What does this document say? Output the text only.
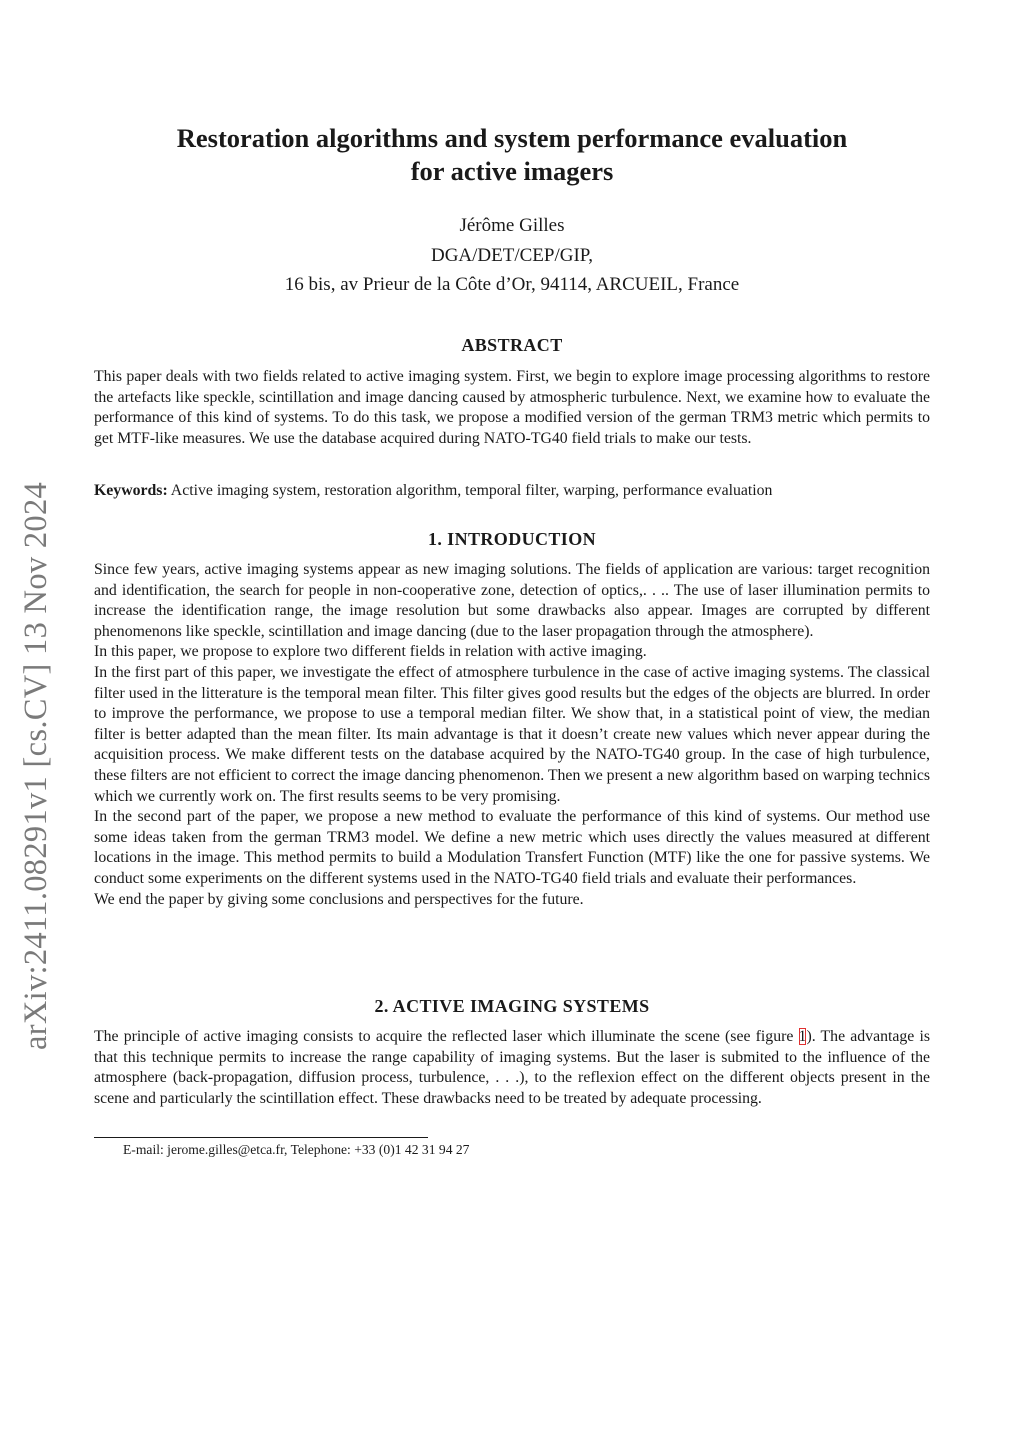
arXiv:2411.08291v1 [cs.CV] 13 Nov 2024
Restoration algorithms and system performance evaluation
for active imagers
Jérôme Gilles
DGA/DET/CEP/GIP,
16 bis, av Prieur de la Côte d’Or, 94114, ARCUEIL, France
ABSTRACT

This paper deals with two fields related to active imaging system. First, we begin to explore image processing algorithms to restore the artefacts like speckle, scintillation and image dancing caused by atmospheric turbulence. Next, we examine how to evaluate the performance of this kind of systems. To do this task, we propose a modified version of the german TRM3 metric which permits to get MTF-like measures. We use the database acquired during NATO-TG40 field trials to make our tests.

Keywords: Active imaging system, restoration algorithm, temporal filter, warping, performance evaluation

1. INTRODUCTION

Since few years, active imaging systems appear as new imaging solutions. The fields of application are various: target recognition and identification, the search for people in non-cooperative zone, detection of optics,. . .. The use of laser illumination permits to increase the identification range, the image resolution but some drawbacks also appear. Images are corrupted by different phenomenons like speckle, scintillation and image dancing (due to the laser propagation through the atmosphere).

In this paper, we propose to explore two different fields in relation with active imaging.

In the first part of this paper, we investigate the effect of atmosphere turbulence in the case of active imaging systems. The classical filter used in the litterature is the temporal mean filter. This filter gives good results but the edges of the objects are blurred. In order to improve the performance, we propose to use a temporal median filter. We show that, in a statistical point of view, the median filter is better adapted than the mean filter. Its main advantage is that it doesn’t create new values which never appear during the acquisition process. We make different tests on the database acquired by the NATO-TG40 group. In the case of high turbulence, these filters are not efficient to correct the image dancing phenomenon. Then we present a new algorithm based on warping technics which we currently work on. The first results seems to be very promising.

In the second part of the paper, we propose a new method to evaluate the performance of this kind of systems. Our method use some ideas taken from the german TRM3 model. We define a new metric which uses directly the values measured at different locations in the image. This method permits to build a Modulation Transfert Function (MTF) like the one for passive systems. We conduct some experiments on the different systems used in the NATO-TG40 field trials and evaluate their performances.

We end the paper by giving some conclusions and perspectives for the future.

2. ACTIVE IMAGING SYSTEMS

The principle of active imaging consists to acquire the reflected laser which illuminate the scene (see figure 1). The advantage is that this technique permits to increase the range capability of imaging systems. But the laser is submited to the influence of the atmosphere (back-propagation, diffusion process, turbulence, . . .), to the reflexion effect on the different objects present in the scene and particularly the scintillation effect. These drawbacks need to be treated by adequate processing.

E-mail: jerome.gilles@etca.fr, Telephone: +33 (0)1 42 31 94 27
